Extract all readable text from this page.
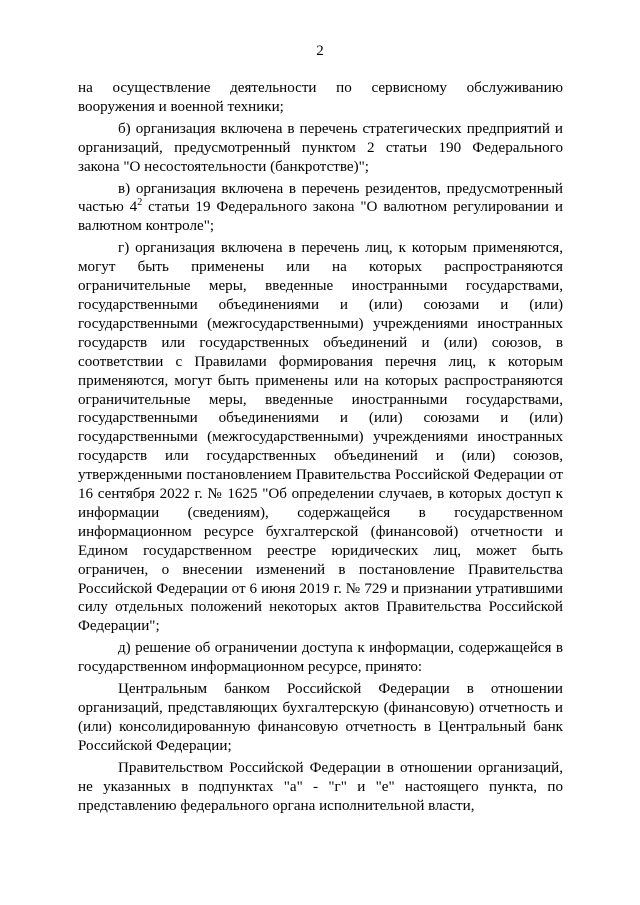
2

на осуществление деятельности по сервисному обслуживанию вооружения и военной техники;

б) организация включена в перечень стратегических предприятий и организаций, предусмотренный пунктом 2 статьи 190 Федерального закона "О несостоятельности (банкротстве)";

в) организация включена в перечень резидентов, предусмотренный частью $4^2$ статьи 19 Федерального закона "О валютном регулировании и валютном контроле";

г) организация включена в перечень лиц, к которым применяются, могут быть применены или на которых распространяются ограничительные меры, введенные иностранными государствами, государственными объединениями и (или) союзами и (или) государственными (межгосударственными) учреждениями иностранных государств или государственных объединений и (или) союзов, в соответствии с Правилами формирования перечня лиц, к которым применяются, могут быть применены или на которых распространяются ограничительные меры, введенные иностранными государствами, государственными объединениями и (или) союзами и (или) государственными (межгосударственными) учреждениями иностранных государств или государственных объединений и (или) союзов, утвержденными постановлением Правительства Российской Федерации от 16 сентября 2022 г. № 1625 "Об определении случаев, в которых доступ к информации (сведениям), содержащейся в государственном информационном ресурсе бухгалтерской (финансовой) отчетности и Едином государственном реестре юридических лиц, может быть ограничен, о внесении изменений в постановление Правительства Российской Федерации от 6 июня 2019 г. № 729 и признании утратившими силу отдельных положений некоторых актов Правительства Российской Федерации";

д) решение об ограничении доступа к информации, содержащейся в государственном информационном ресурсе, принято:

Центральным банком Российской Федерации в отношении организаций, представляющих бухгалтерскую (финансовую) отчетность и (или) консолидированную финансовую отчетность в Центральный банк Российской Федерации;

Правительством Российской Федерации в отношении организаций, не указанных в подпунктах "а" - "г" и "е" настоящего пункта, по представлению федерального органа исполнительной власти,
